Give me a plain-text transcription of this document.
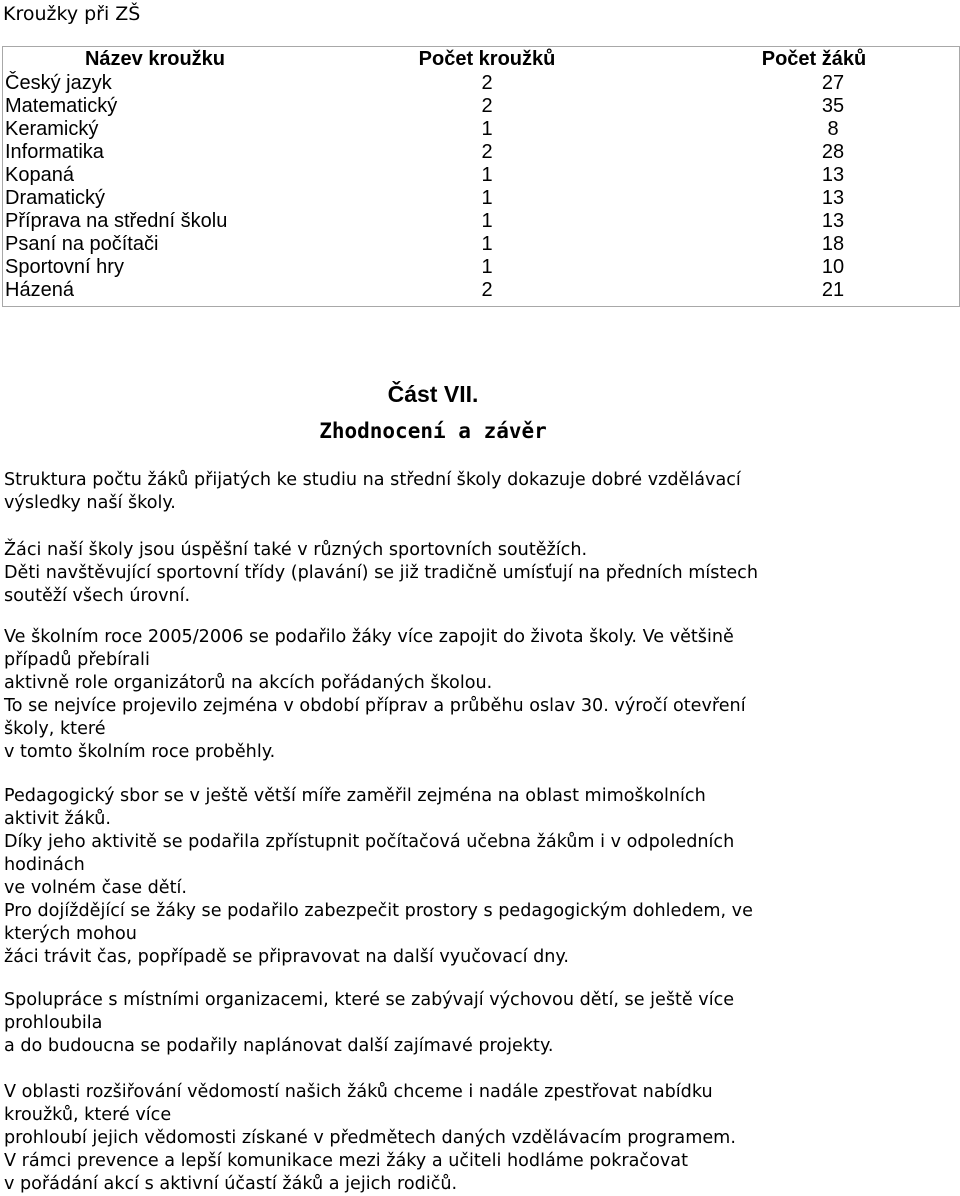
Kroužky při ZŠ
Název kroužku	Počet kroužků	Počet žáků
Český jazyk	2	27
Matematický	2	35
Keramický	1	8
Informatika	2	28
Kopaná	1	13
Dramatický	1	13
Příprava na střední školu	1	13
Psaní na počítači	1	18
Sportovní hry	1	10
Házená	2	21
Část VII.
Zhodnocení a závěr
Struktura počtu žáků přijatých ke studiu na střední školy dokazuje dobré vzdělávací
výsledky naší školy.
Žáci naší školy jsou úspěšní také v různých sportovních soutěžích.
Děti navštěvující sportovní třídy (plavání) se již tradičně umísťují na předních místech
soutěží všech úrovní.
Ve školním roce 2005/2006 se podařilo žáky více zapojit do života školy. Ve většině
případů přebírali
aktivně role organizátorů na akcích pořádaných školou.
To se nejvíce projevilo zejména v období příprav a průběhu oslav 30. výročí otevření
školy, které
v tomto školním roce proběhly.
Pedagogický sbor se v ještě větší míře zaměřil zejména na oblast mimoškolních
aktivit žáků.
Díky jeho aktivitě se podařila zpřístupnit počítačová učebna žákům i v odpoledních
hodinách
ve volném čase dětí.
Pro dojíždějící se žáky se podařilo zabezpečit prostory s pedagogickým dohledem, ve
kterých mohou
žáci trávit čas, popřípadě se připravovat na další vyučovací dny.
Spolupráce s místními organizacemi, které se zabývají výchovou dětí, se ještě více
prohloubila
a do budoucna se podařily naplánovat další zajímavé projekty.
V oblasti rozšiřování vědomostí našich žáků chceme i nadále zpestřovat nabídku
kroužků, které více
prohloubí jejich vědomosti získané v předmětech daných vzdělávacím programem.
V rámci prevence a lepší komunikace mezi žáky a učiteli hodláme pokračovat
v pořádání akcí s aktivní účastí žáků a jejich rodičů.
